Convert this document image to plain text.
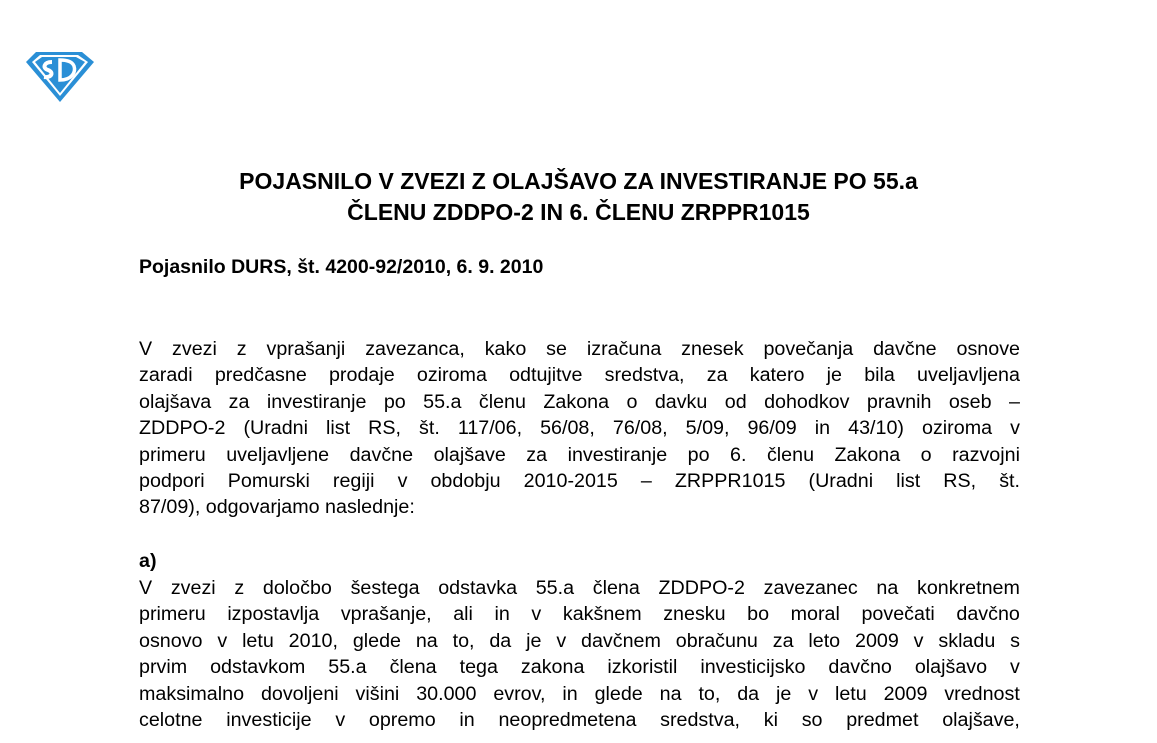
POJASNILO V ZVEZI Z OLAJŠAVO ZA INVESTIRANJE PO 55.a
ČLENU ZDDPO-2 IN 6. ČLENU ZRPPR1015
Pojasnilo DURS, št. 4200-92/2010, 6. 9. 2010
V zvezi z vprašanji zavezanca, kako se izračuna znesek povečanja davčne osnove
zaradi predčasne prodaje oziroma odtujitve sredstva, za katero je bila uveljavljena
olajšava za investiranje po 55.a členu Zakona o davku od dohodkov pravnih oseb –
ZDDPO-2 (Uradni list RS, št. 117/06, 56/08, 76/08, 5/09, 96/09 in 43/10) oziroma v
primeru uveljavljene davčne olajšave za investiranje po 6. členu Zakona o razvojni
podpori Pomurski regiji v obdobju 2010-2015 – ZRPPR1015 (Uradni list RS, št.
87/09), odgovarjamo naslednje:
a)
V zvezi z določbo šestega odstavka 55.a člena ZDDPO-2 zavezanec na konkretnem
primeru izpostavlja vprašanje, ali in v kakšnem znesku bo moral povečati davčno
osnovo v letu 2010, glede na to, da je v davčnem obračunu za leto 2009 v skladu s
prvim odstavkom 55.a člena tega zakona izkoristil investicijsko davčno olajšavo v
maksimalno dovoljeni višini 30.000 evrov, in glede na to, da je v letu 2009 vrednost
celotne investicije v opremo in neopredmetena sredstva, ki so predmet olajšave,
